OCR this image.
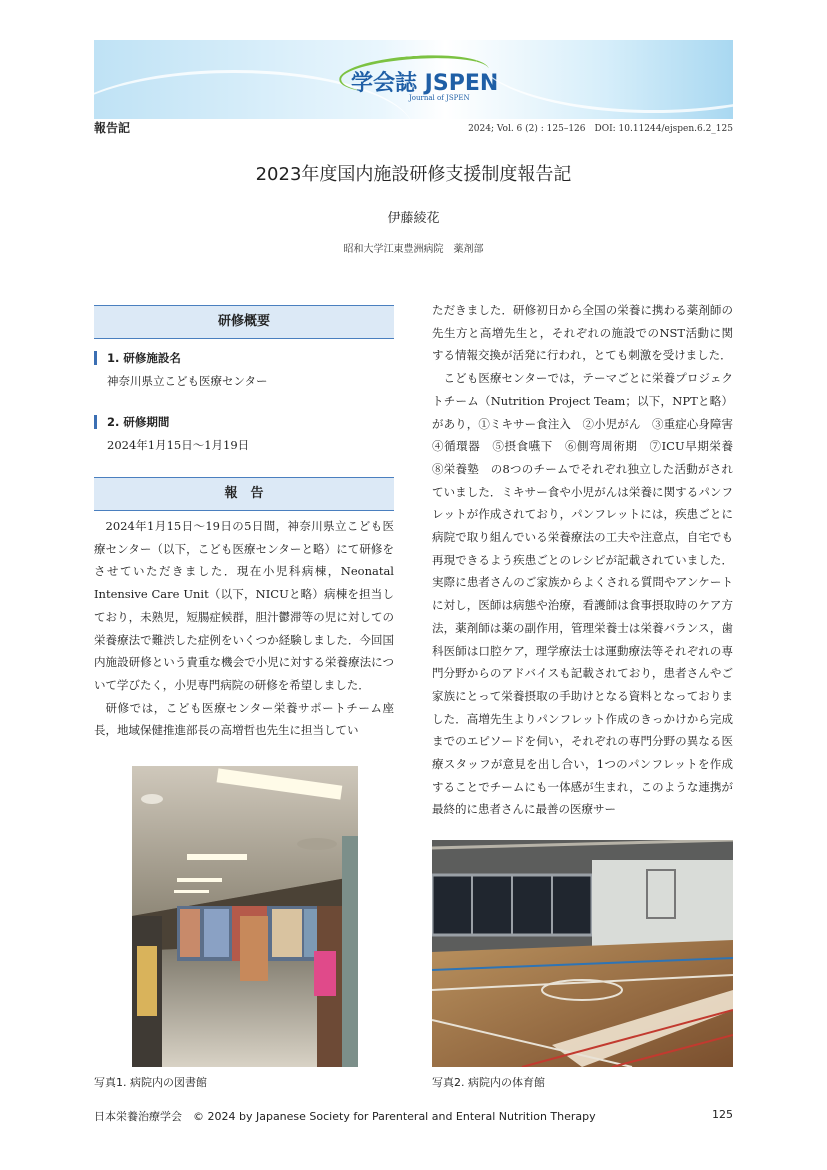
学会誌 JSPEN
Journal of JSPEN
報告記	2024; Vol. 6 (2) : 125–126　DOI: 10.11244/ejspen.6.2_125
2023年度国内施設研修支援制度報告記
伊藤綾花
昭和大学江東豊洲病院　薬剤部
研修概要
1. 研修施設名
神奈川県立こども医療センター
2. 研修期間
2024年1月15日～1月19日
報　告

2024年1月15日～19日の5日間，神奈川県立こども医療センター（以下，こども医療センターと略）にて研修をさせていただきました．現在小児科病棟，Neonatal Intensive Care Unit（以下，NICUと略）病棟を担当しており，未熟児，短腸症候群，胆汁鬱滞等の児に対しての栄養療法で難渋した症例をいくつか経験しました．今回国内施設研修という貴重な機会で小児に対する栄養療法について学びたく，小児専門病院の研修を希望しました．

研修では，こども医療センター栄養サポートチーム座長，地域保健推進部長の高増哲也先生に担当してい

ただきました．研修初日から全国の栄養に携わる薬剤師の先生方と高増先生と，それぞれの施設でのNST活動に関する情報交換が活発に行われ，とても刺激を受けました．

こども医療センターでは，テーマごとに栄養プロジェクトチーム（Nutrition Project Team；以下，NPTと略）があり，①ミキサー食注入　②小児がん　③重症心身障害　④循環器　⑤摂食嚥下　⑥側弯周術期　⑦ICU早期栄養　⑧栄養塾　の8つのチームでそれぞれ独立した活動がされていました．ミキサー食や小児がんは栄養に関するパンフレットが作成されており，パンフレットには，疾患ごとに病院で取り組んでいる栄養療法の工夫や注意点，自宅でも再現できるよう疾患ごとのレシピが記載されていました．実際に患者さんのご家族からよくされる質問やアンケートに対し，医師は病態や治療，看護師は食事摂取時のケア方法，薬剤師は薬の副作用，管理栄養士は栄養バランス，歯科医師は口腔ケア，理学療法士は運動療法等それぞれの専門分野からのアドバイスも記載されており，患者さんやご家族にとって栄養摂取の手助けとなる資料となっておりました．高増先生よりパンフレット作成のきっかけから完成までのエピソードを伺い，それぞれの専門分野の異なる医療スタッフが意見を出し合い，1つのパンフレットを作成することでチームにも一体感が生まれ，このような連携が最終的に患者さんに最善の医療サー

写真1. 病院内の図書館	写真2. 病院内の体育館
日本栄養治療学会　© 2024 by Japanese Society for Parenteral and Enteral Nutrition Therapy	125
